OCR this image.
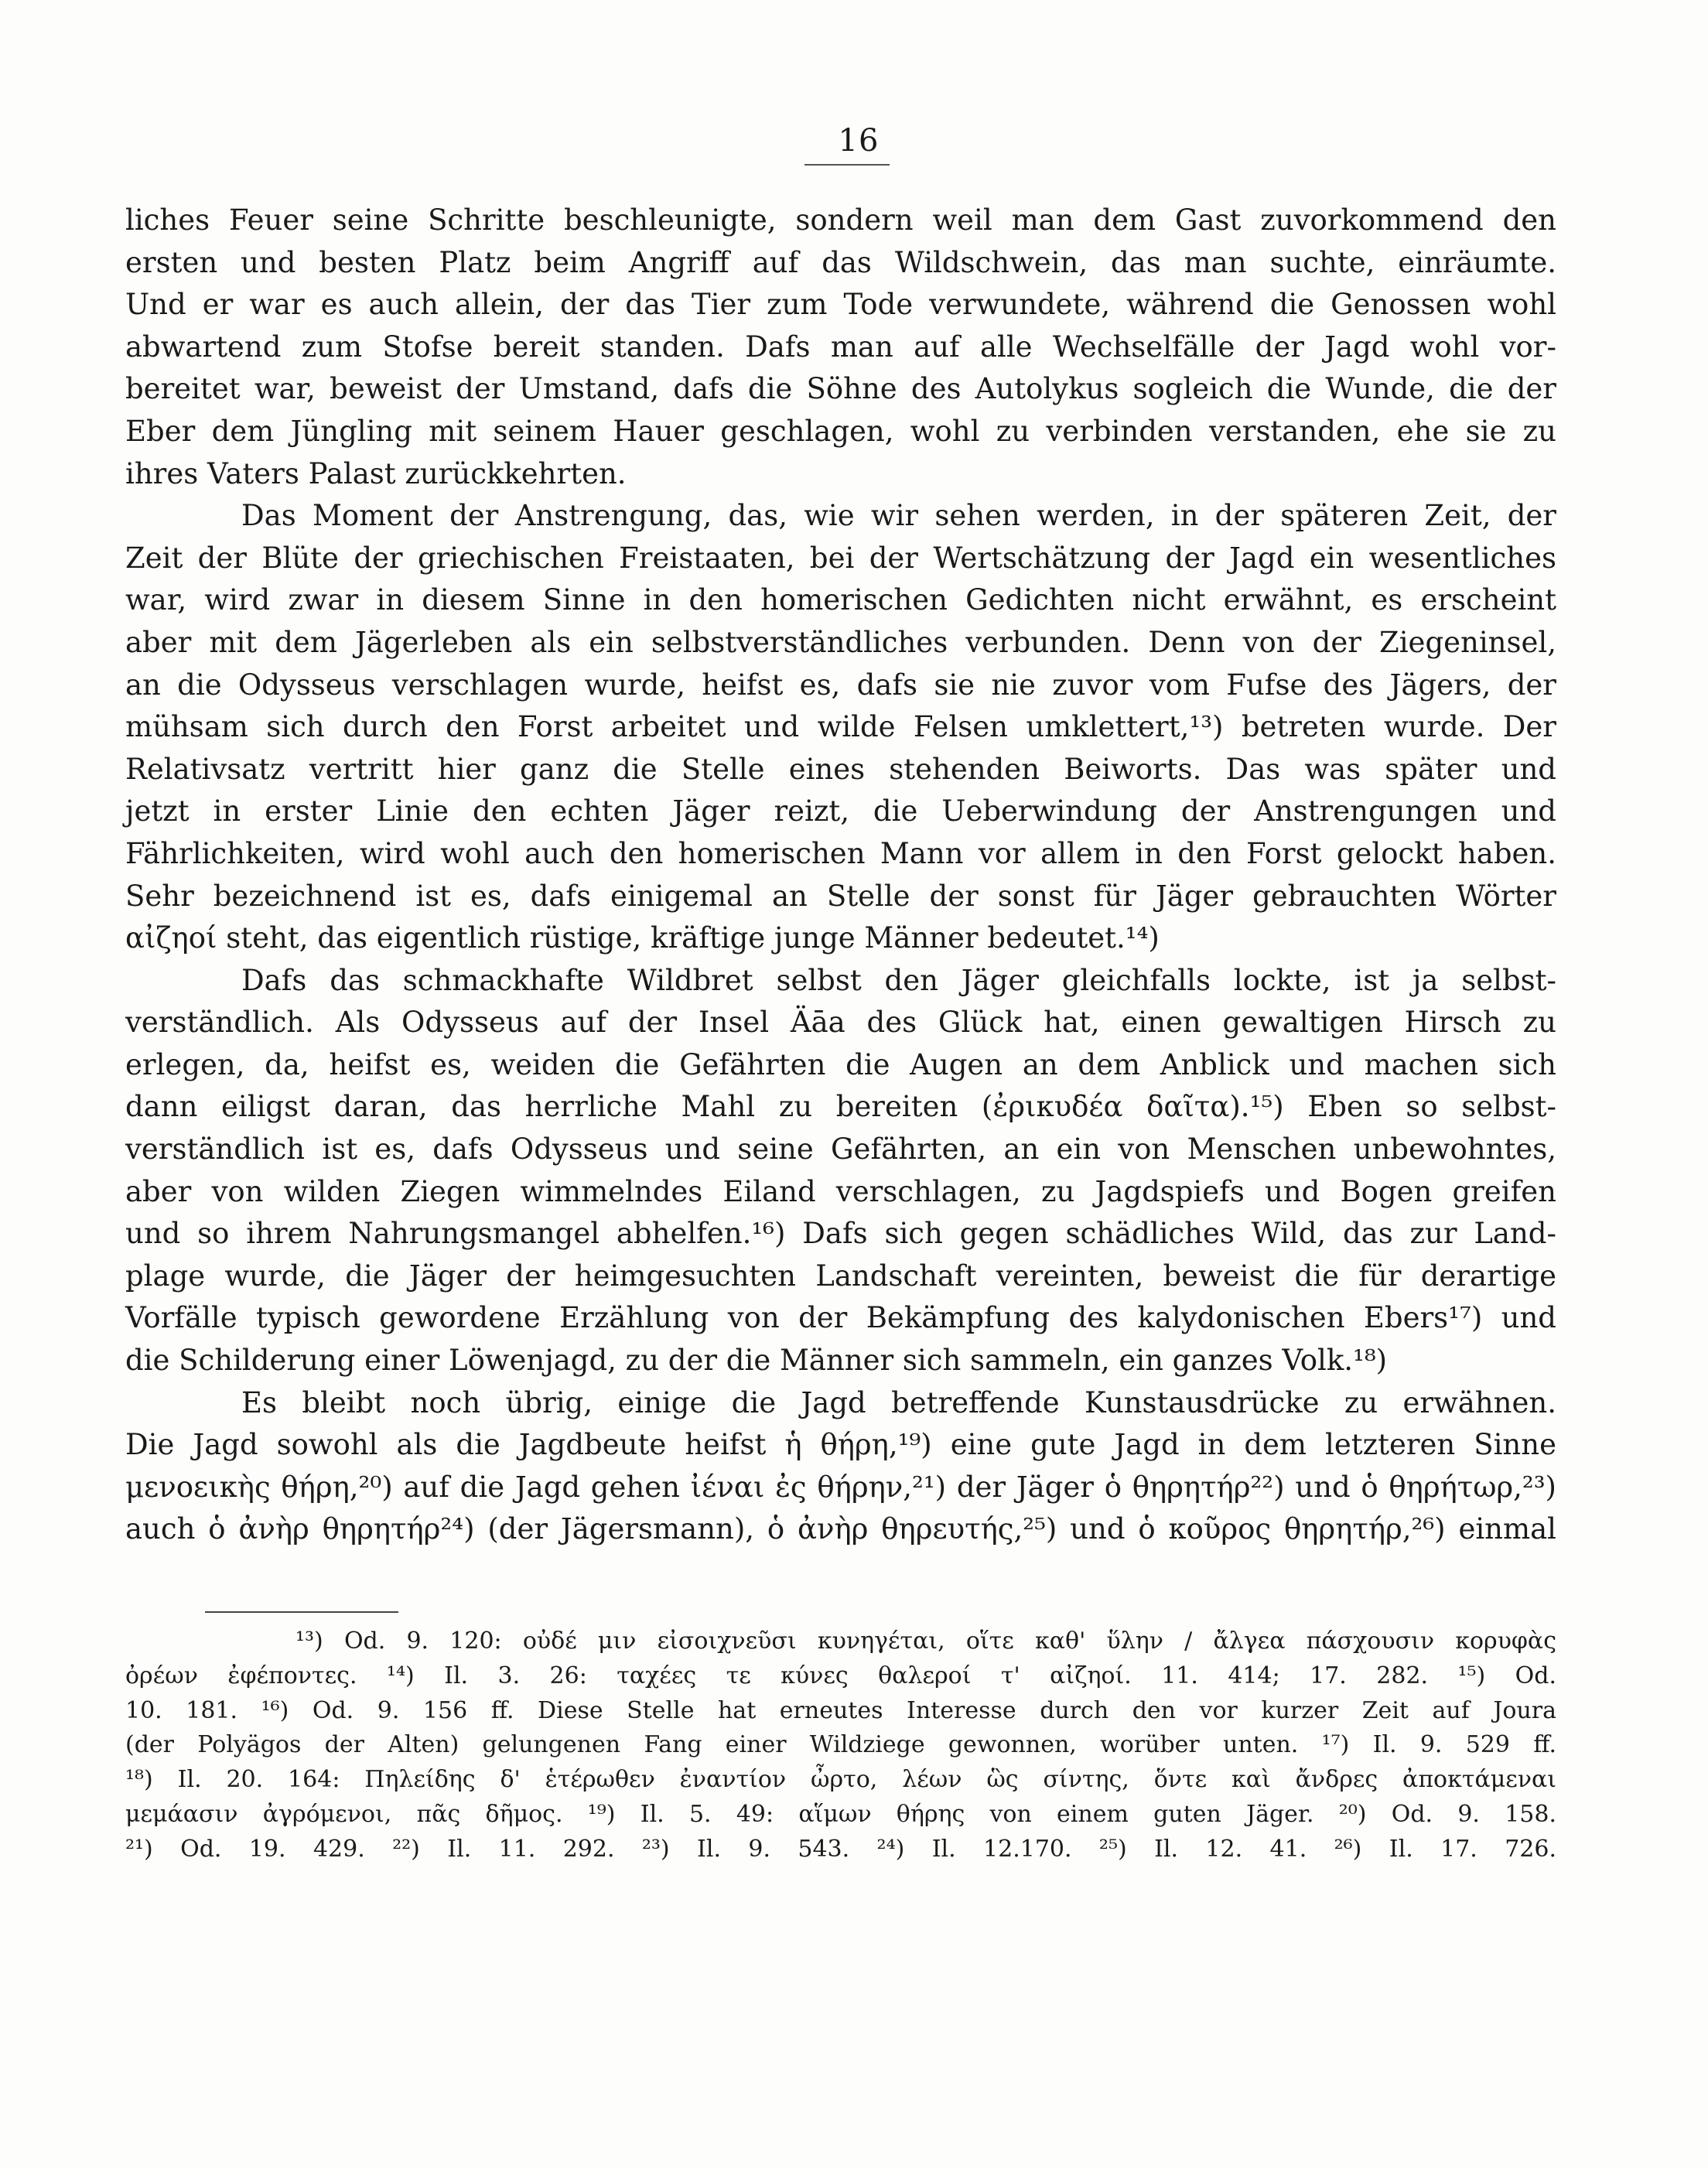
16
liches Feuer seine Schritte beschleunigte, sondern weil man dem Gast zuvorkommend den
ersten und besten Platz beim Angriff auf das Wildschwein, das man suchte, einräumte.
Und er war es auch allein, der das Tier zum Tode verwundete, während die Genossen wohl
abwartend zum Stofse bereit standen. Dafs man auf alle Wechselfälle der Jagd wohl vor-
bereitet war, beweist der Umstand, dafs die Söhne des Autolykus sogleich die Wunde, die der
Eber dem Jüngling mit seinem Hauer geschlagen, wohl zu verbinden verstanden, ehe sie zu
ihres Vaters Palast zurückkehrten.
Das Moment der Anstrengung, das, wie wir sehen werden, in der späteren Zeit, der
Zeit der Blüte der griechischen Freistaaten, bei der Wertschätzung der Jagd ein wesentliches
war, wird zwar in diesem Sinne in den homerischen Gedichten nicht erwähnt, es erscheint
aber mit dem Jägerleben als ein selbstverständliches verbunden. Denn von der Ziegeninsel,
an die Odysseus verschlagen wurde, heifst es, dafs sie nie zuvor vom Fufse des Jägers, der
mühsam sich durch den Forst arbeitet und wilde Felsen umklettert,¹³) betreten wurde. Der
Relativsatz vertritt hier ganz die Stelle eines stehenden Beiworts. Das was später und
jetzt in erster Linie den echten Jäger reizt, die Ueberwindung der Anstrengungen und
Fährlichkeiten, wird wohl auch den homerischen Mann vor allem in den Forst gelockt haben.
Sehr bezeichnend ist es, dafs einigemal an Stelle der sonst für Jäger gebrauchten Wörter
αἰζηοί steht, das eigentlich rüstige, kräftige junge Männer bedeutet.¹⁴)
Dafs das schmackhafte Wildbret selbst den Jäger gleichfalls lockte, ist ja selbst-
verständlich. Als Odysseus auf der Insel Äāa des Glück hat, einen gewaltigen Hirsch zu
erlegen, da, heifst es, weiden die Gefährten die Augen an dem Anblick und machen sich
dann eiligst daran, das herrliche Mahl zu bereiten (ἐρικυδέα δαῖτα).¹⁵) Eben so selbst-
verständlich ist es, dafs Odysseus und seine Gefährten, an ein von Menschen unbewohntes,
aber von wilden Ziegen wimmelndes Eiland verschlagen, zu Jagdspiefs und Bogen greifen
und so ihrem Nahrungsmangel abhelfen.¹⁶) Dafs sich gegen schädliches Wild, das zur Land-
plage wurde, die Jäger der heimgesuchten Landschaft vereinten, beweist die für derartige
Vorfälle typisch gewordene Erzählung von der Bekämpfung des kalydonischen Ebers¹⁷) und
die Schilderung einer Löwenjagd, zu der die Männer sich sammeln, ein ganzes Volk.¹⁸)
Es bleibt noch übrig, einige die Jagd betreffende Kunstausdrücke zu erwähnen.
Die Jagd sowohl als die Jagdbeute heifst ἡ θήρη,¹⁹) eine gute Jagd in dem letzteren Sinne
μενοεικὴς θήρη,²⁰) auf die Jagd gehen ἰέναι ἐς θήρην,²¹) der Jäger ὁ θηρητήρ²²) und ὁ θηρήτωρ,²³)
auch ὁ ἀνὴρ θηρητήρ²⁴) (der Jägersmann), ὁ ἀνὴρ θηρευτής,²⁵) und ὁ κοῦρος θηρητήρ,²⁶) einmal
¹³) Od. 9. 120: οὐδέ μιν εἰσοιχνεῦσι κυνηγέται, οἵτε καθ' ὕλην / ἄλγεα πάσχουσιν κορυφὰς
ὀρέων ἐφέποντες. ¹⁴) Il. 3. 26: ταχέες τε κύνες θαλεροί τ' αἰζηοί. 11. 414; 17. 282. ¹⁵) Od.
10. 181. ¹⁶) Od. 9. 156 ff. Diese Stelle hat erneutes Interesse durch den vor kurzer Zeit auf Joura
(der Polyägos der Alten) gelungenen Fang einer Wildziege gewonnen, worüber unten. ¹⁷) Il. 9. 529 ff.
¹⁸) Il. 20. 164: Πηλείδης δ' ἑτέρωθεν ἐναντίον ὦρτο, λέων ὣς σίντης, ὅντε καὶ ἄνδρες ἀποκτάμεναι
μεμάασιν ἀγρόμενοι, πᾶς δῆμος. ¹⁹) Il. 5. 49: αἵμων θήρης von einem guten Jäger. ²⁰) Od. 9. 158.
²¹) Od. 19. 429. ²²) Il. 11. 292. ²³) Il. 9. 543. ²⁴) Il. 12.170. ²⁵) Il. 12. 41. ²⁶) Il. 17. 726.
